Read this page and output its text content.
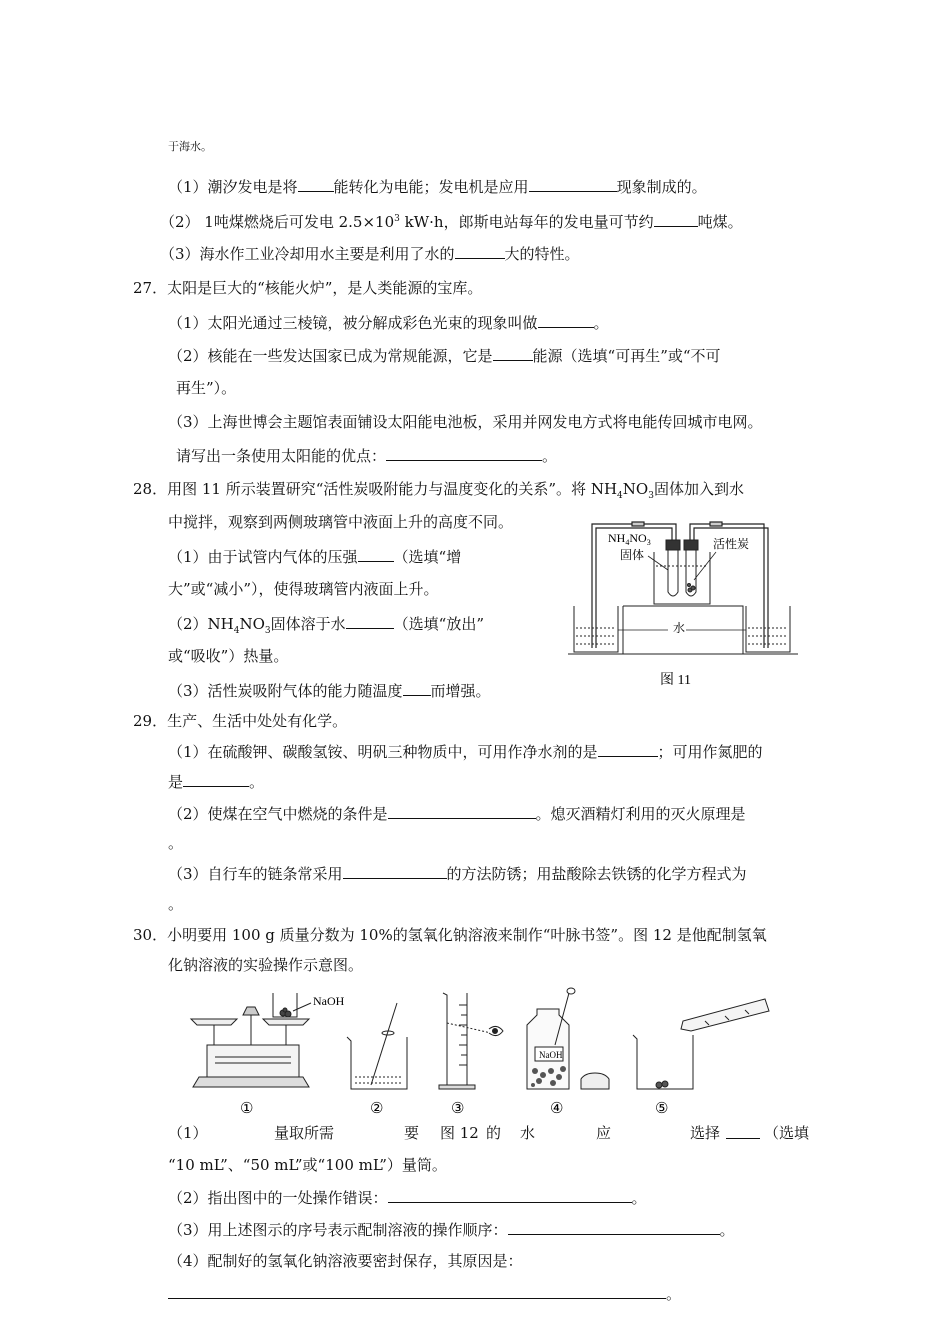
于海水。
（1）潮汐发电是将 能转化为电能；发电机是应用	现象制成的。
（2） 1吨煤燃烧后可发电 $2.5\times 10^3$ kW·h，郎斯电站每年的发电量可节约	吨煤。
（3）海水作工业冷却用水主要是利用了水的	大的特性。
27．太阳是巨大的“核能火炉”，是人类能源的宝库。
（1）太阳光通过三棱镜，被分解成彩色光束的现象叫做	。
（2）核能在一些发达国家已成为常规能源，它是	能源（选填“可再生”或“不可
再生”）。
（3）上海世博会主题馆表面铺设太阳能电池板，采用并网发电方式将电能传回城市电网。
请写出一条使用太阳能的优点：	。
28．用图 11 所示装置研究“活性炭吸附能力与温度变化的关系”。将 $NH_4NO_3$固体加入到水
中搅拌，观察到两侧玻璃管中液面上升的高度不同。
（1）由于试管内气体的压强 （选填“增
大”或“减小”），使得玻璃管内液面上升。
$(2)NH_4NO_3$固体溶于水	（选填“放出”
或“吸收”）热量。
（3）活性炭吸附气体的能力随温度 而增强。
$NH_4NO_3$
固体
活性炭
水
图 11
29．生产、生活中处处有化学。
（1）在硫酸钾、碳酸氢铵、明矾三种物质中，可用作净水剂的是	；可用作氮肥的
是	。
（2）使煤在空气中燃烧的条件是	。熄灭酒精灯利用的灭火原理是
。
（3）自行车的链条常采用	的方法防锈；用盐酸除去铁锈的化学方程式为
。
30．小明要用 100 g 质量分数为 10%的氢氧化钠溶液来制作“叶脉书签”。图 12 是他配制氢氧
化钠溶液的实验操作示意图。
NaOH
NaOH
①	②	③	④	⑤
（1）	量取所需	要 图 12 的 水	应	选择	（选填
“10 mL”、“50 mL”或“100 mL”）量筒。
（2）指出图中的一处操作错误：	。
（3）用上述图示的序号表示配制溶液的操作顺序：	。
（4）配制好的氢氧化钠溶液要密封保存，其原因是：
。
